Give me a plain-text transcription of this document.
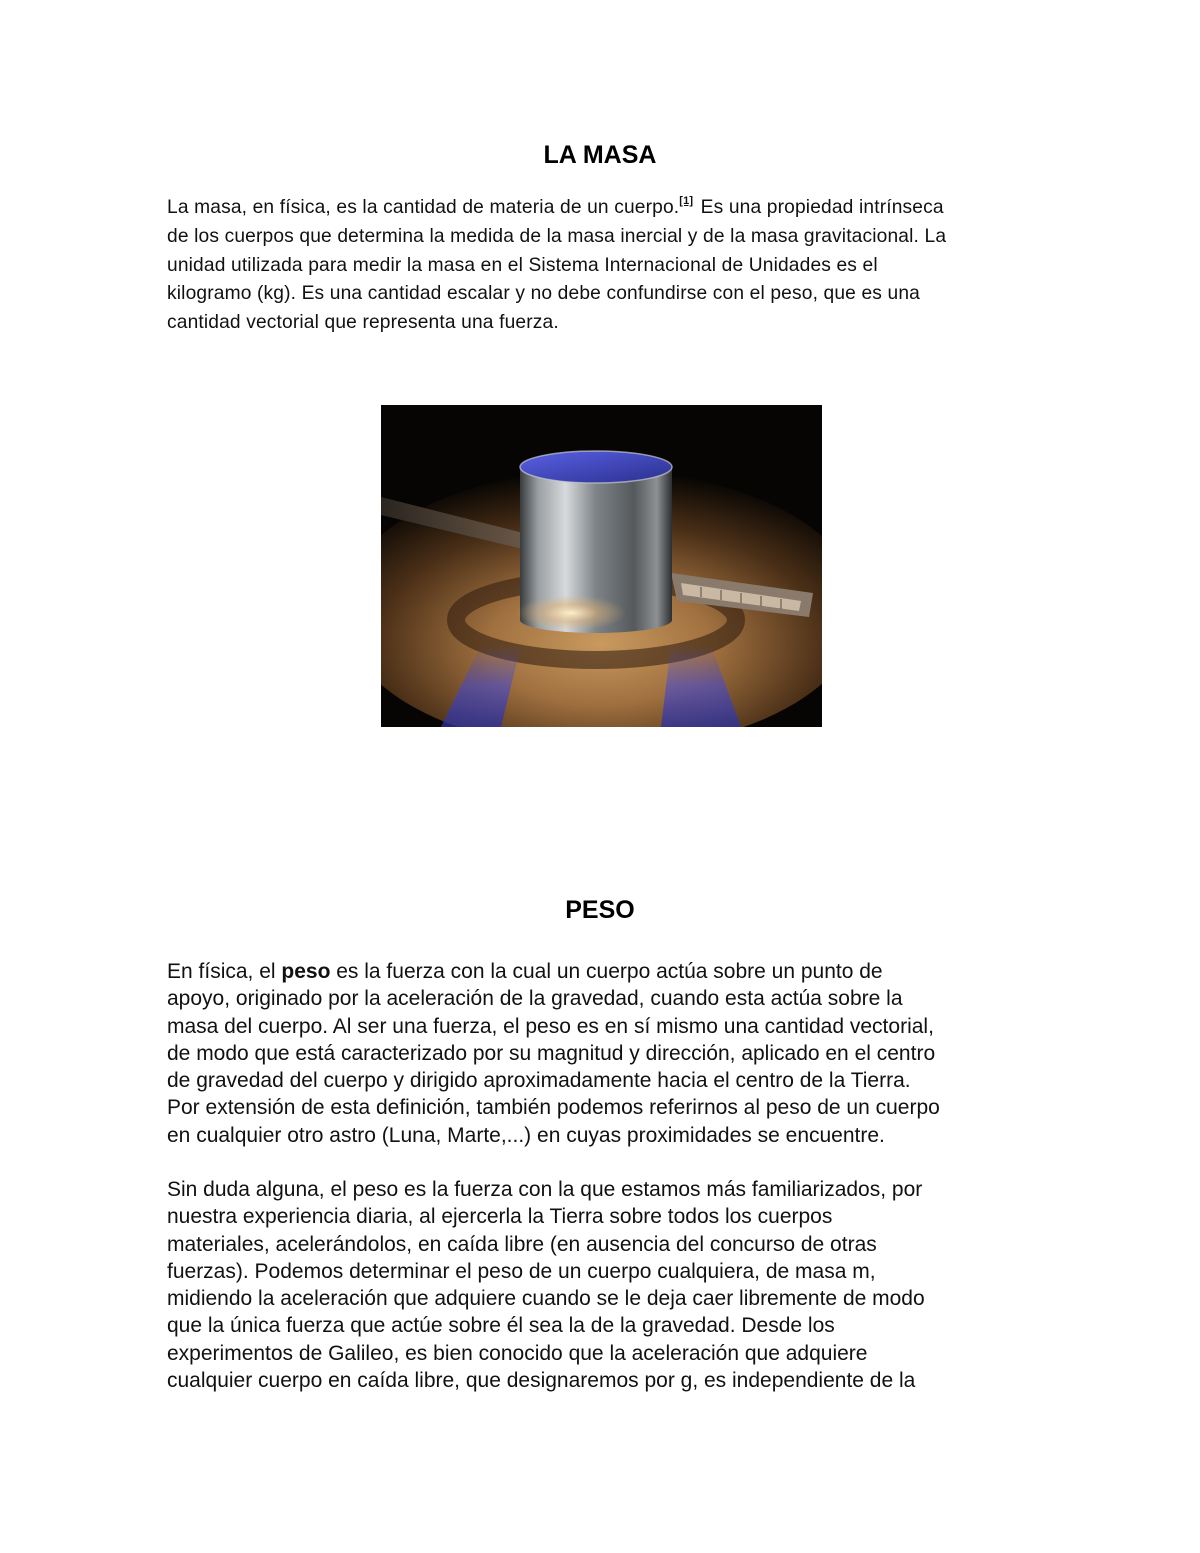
LA MASA

La masa, en física, es la cantidad de materia de un cuerpo.[1] Es una propiedad intrínseca
de los cuerpos que determina la medida de la masa inercial y de la masa gravitacional. La
unidad utilizada para medir la masa en el Sistema Internacional de Unidades es el
kilogramo (kg). Es una cantidad escalar y no debe confundirse con el peso, que es una
cantidad vectorial que representa una fuerza.

PESO

En física, el peso es la fuerza con la cual un cuerpo actúa sobre un punto de
apoyo, originado por la aceleración de la gravedad, cuando esta actúa sobre la
masa del cuerpo. Al ser una fuerza, el peso es en sí mismo una cantidad vectorial,
de modo que está caracterizado por su magnitud y dirección, aplicado en el centro
de gravedad del cuerpo y dirigido aproximadamente hacia el centro de la Tierra.
Por extensión de esta definición, también podemos referirnos al peso de un cuerpo
en cualquier otro astro (Luna, Marte,...) en cuyas proximidades se encuentre.

Sin duda alguna, el peso es la fuerza con la que estamos más familiarizados, por
nuestra experiencia diaria, al ejercerla la Tierra sobre todos los cuerpos
materiales, acelerándolos, en caída libre (en ausencia del concurso de otras
fuerzas). Podemos determinar el peso de un cuerpo cualquiera, de masa m,
midiendo la aceleración que adquiere cuando se le deja caer libremente de modo
que la única fuerza que actúe sobre él sea la de la gravedad. Desde los
experimentos de Galileo, es bien conocido que la aceleración que adquiere
cualquier cuerpo en caída libre, que designaremos por g, es independiente de la
